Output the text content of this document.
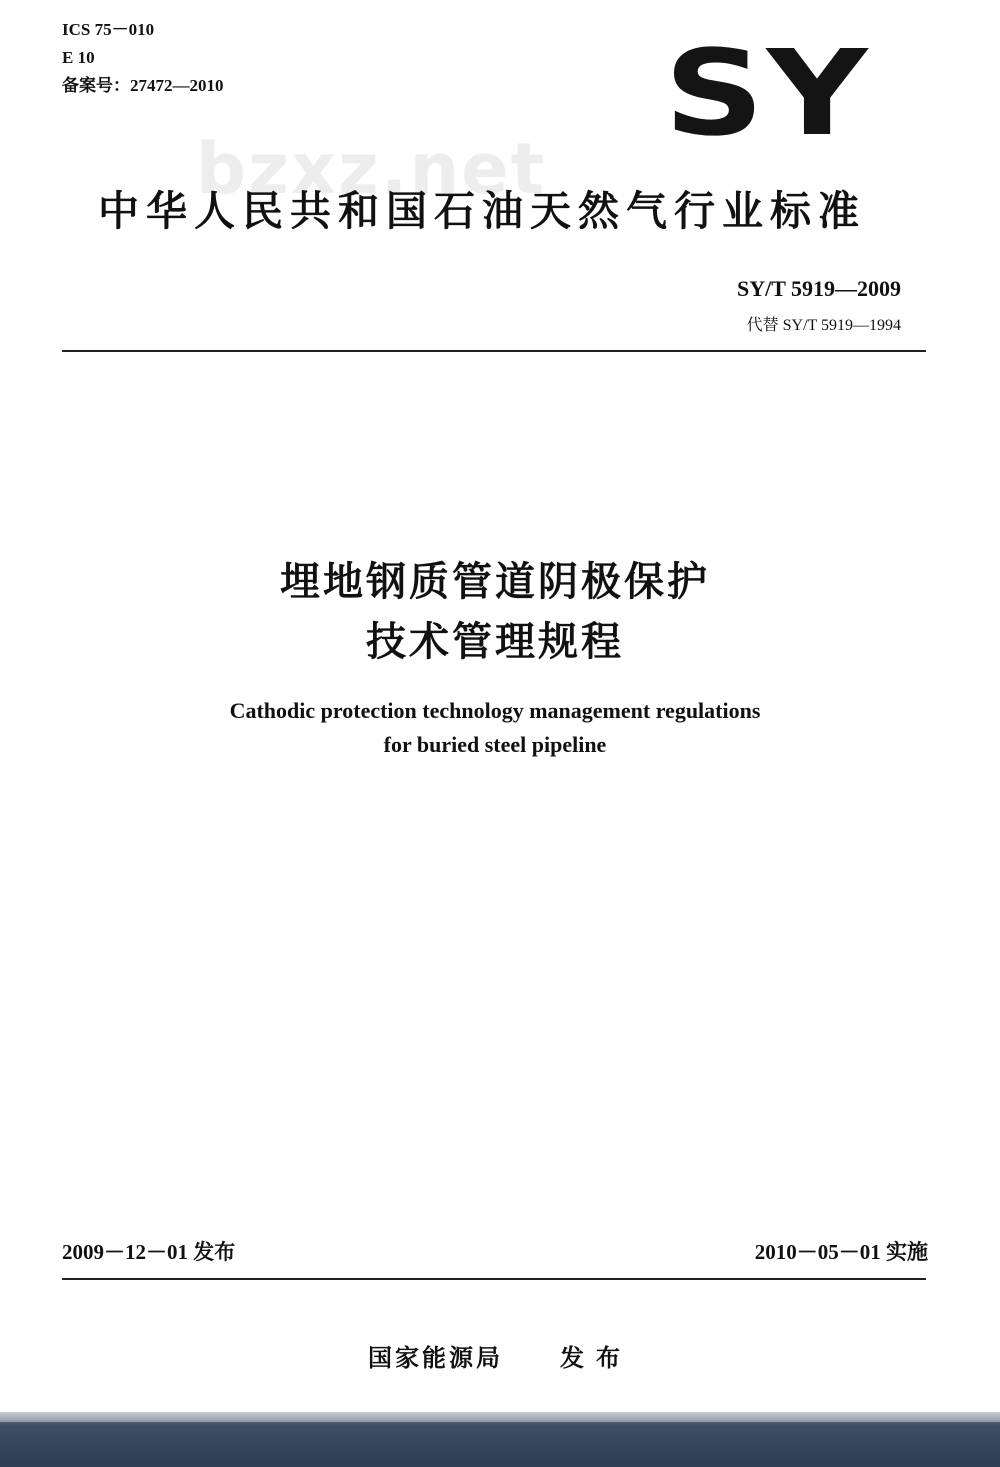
ICS 75－010
E 10
备案号：27472—2010	SY
bzxz.net
中华人民共和国石油天然气行业标准
SY/T 5919—2009
代替 SY/T 5919—1994
埋地钢质管道阴极保护
技术管理规程
Cathodic protection technology management regulations
for buried steel pipeline
2009－12－01 发布	2010－05－01 实施
国家能源局 发布
